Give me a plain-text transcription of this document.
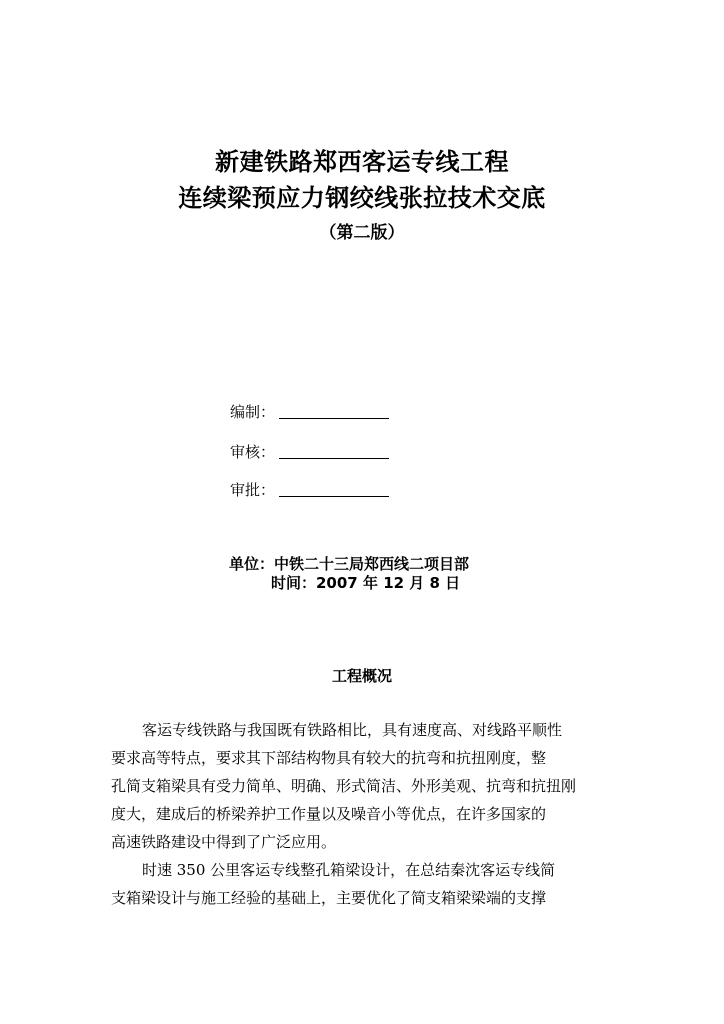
新建铁路郑西客运专线工程
连续梁预应力钢绞线张拉技术交底
（第二版）
编制：
审核：
审批：
单位：中铁二十三局郑西线二项目部
时间：2007 年 12 月 8 日
工程概况
客运专线铁路与我国既有铁路相比，具有速度高、对线路平顺性
要求高等特点，要求其下部结构物具有较大的抗弯和抗扭刚度，整
孔简支箱梁具有受力简单、明确、形式简洁、外形美观、抗弯和抗扭刚
度大，建成后的桥梁养护工作量以及噪音小等优点，在许多国家的
高速铁路建设中得到了广泛应用。
时速 350 公里客运专线整孔箱梁设计，在总结秦沈客运专线简
支箱梁设计与施工经验的基础上，主要优化了简支箱梁梁端的支撑
